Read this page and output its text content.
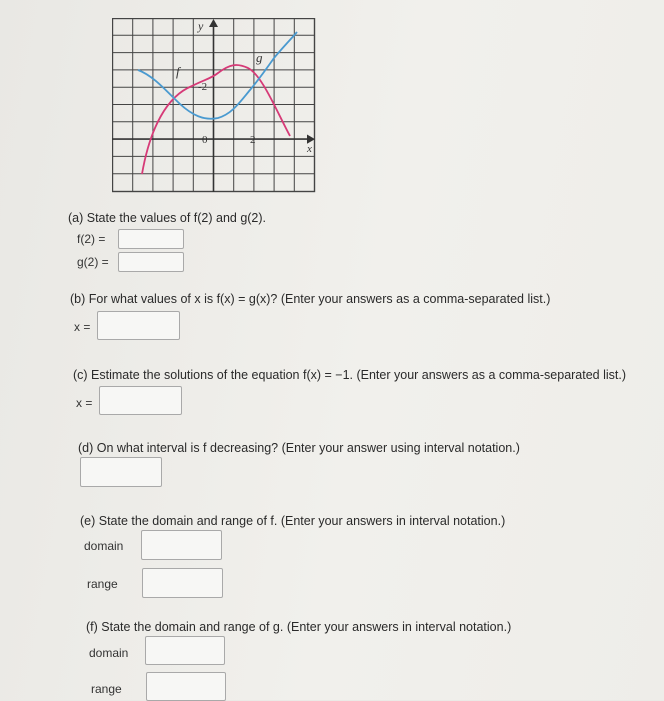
y
x
f
g
-2
0	2
(a) State the values of f(2) and g(2).
f(2) =
g(2) =
(b) For what values of x is f(x) = g(x)? (Enter your answers as a comma-separated list.)
x =
(c) Estimate the solutions of the equation f(x) = −1. (Enter your answers as a comma-separated list.)
x =
(d) On what interval is f decreasing? (Enter your answer using interval notation.)
(e) State the domain and range of f. (Enter your answers in interval notation.)
domain
range
(f) State the domain and range of g. (Enter your answers in interval notation.)
domain
range
